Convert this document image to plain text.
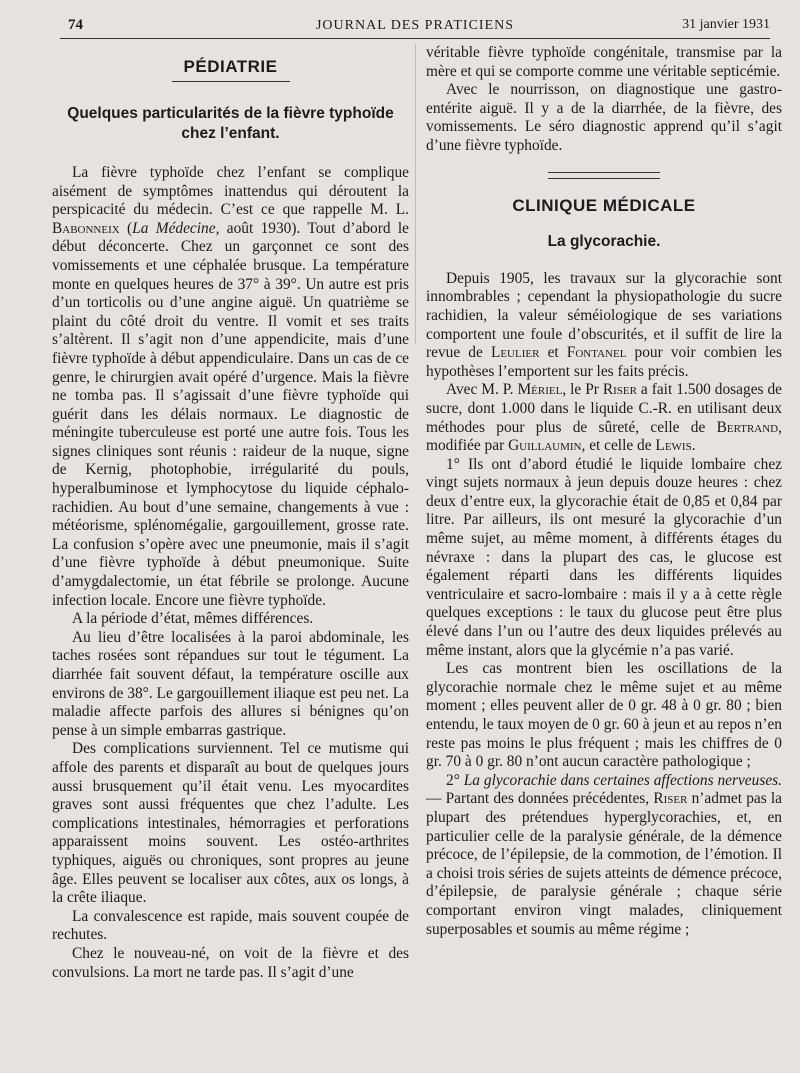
74	JOURNAL DES PRATICIENS	31 janvier 1931
PÉDIATRIE
Quelques particularités de la fièvre typhoïde chez l’enfant.

La fièvre typhoïde chez l’enfant se complique aisément de symptômes inattendus qui déroutent la perspicacité du médecin. C’est ce que rappelle M. L. Babonneix (La Médecine, août 1930). Tout d’abord le début déconcerte. Chez un garçonnet ce sont des vomissements et une céphalée brusque. La température monte en quelques heures de 37° à 39°. Un autre est pris d’un torticolis ou d’une angine aiguë. Un quatrième se plaint du côté droit du ventre. Il vomit et ses traits s’altèrent. Il s’agit non d’une appendicite, mais d’une fièvre typhoïde à début appendiculaire. Dans un cas de ce genre, le chirurgien avait opéré d’urgence. Mais la fièvre ne tomba pas. Il s’agissait d’une fièvre typhoïde qui guérit dans les délais normaux. Le diagnostic de méningite tuberculeuse est porté une autre fois. Tous les signes cliniques sont réunis : raideur de la nuque, signe de Kernig, photophobie, irrégularité du pouls, hyperalbuminose et lymphocytose du liquide céphalo-rachidien. Au bout d’une semaine, changements à vue : météorisme, splénomégalie, gargouillement, grosse rate. La confusion s’opère avec une pneumonie, mais il s’agit d’une fièvre typhoïde à début pneumonique. Suite d’amygdalectomie, un état fébrile se prolonge. Aucune infection locale. Encore une fièvre typhoïde.

A la période d’état, mêmes différences.

Au lieu d’être localisées à la paroi abdominale, les taches rosées sont répandues sur tout le tégument. La diarrhée fait souvent défaut, la température oscille aux environs de 38°. Le gargouillement iliaque est peu net. La maladie affecte parfois des allures si bénignes qu’on pense à un simple embarras gastrique.

Des complications surviennent. Tel ce mutisme qui affole des parents et disparaît au bout de quelques jours aussi brusquement qu’il était venu. Les myocardites graves sont aussi fréquentes que chez l’adulte. Les complications intestinales, hémorragies et perforations apparaissent moins souvent. Les ostéo-arthrites typhiques, aiguës ou chroniques, sont propres au jeune âge. Elles peuvent se localiser aux côtes, aux os longs, à la crête iliaque.

La convalescence est rapide, mais souvent coupée de rechutes.

Chez le nouveau-né, on voit de la fièvre et des convulsions. La mort ne tarde pas. Il s’agit d’une

véritable fièvre typhoïde congénitale, transmise par la mère et qui se comporte comme une véritable septicémie.

Avec le nourrisson, on diagnostique une gastro-entérite aiguë. Il y a de la diarrhée, de la fièvre, des vomissements. Le séro diagnostic apprend qu’il s’agit d’une fièvre typhoïde.

CLINIQUE MÉDICALE
La glycorachie.

Depuis 1905, les travaux sur la glycorachie sont innombrables ; cependant la physiopathologie du sucre rachidien, la valeur séméiologique de ses variations comportent une foule d’obscurités, et il suffit de lire la revue de Leulier et Fontanel pour voir combien les hypothèses l’emportent sur les faits précis.

Avec M. P. Mériel, le Pr Riser a fait 1.500 dosages de sucre, dont 1.000 dans le liquide C.-R. en utilisant deux méthodes pour plus de sûreté, celle de Bertrand, modifiée par Guillaumin, et celle de Lewis.

1° Ils ont d’abord étudié le liquide lombaire chez vingt sujets normaux à jeun depuis douze heures : chez deux d’entre eux, la glycorachie était de 0,85 et 0,84 par litre. Par ailleurs, ils ont mesuré la glycorachie d’un même sujet, au même moment, à différents étages du névraxe : dans la plupart des cas, le glucose est également réparti dans les différents liquides ventriculaire et sacro-lombaire : mais il y a à cette règle quelques exceptions : le taux du glucose peut être plus élevé dans l’un ou l’autre des deux liquides prélevés au même instant, alors que la glycémie n’a pas varié.

Les cas montrent bien les oscillations de la glycorachie normale chez le même sujet et au même moment ; elles peuvent aller de 0 gr. 48 à 0 gr. 80 ; bien entendu, le taux moyen de 0 gr. 60 à jeun et au repos n’en reste pas moins le plus fréquent ; mais les chiffres de 0 gr. 70 à 0 gr. 80 n’ont aucun caractère pathologique ;

2° La glycorachie dans certaines affections nerveuses. — Partant des données précédentes, Riser n’admet pas la plupart des prétendues hyperglycorachies, et, en particulier celle de la paralysie générale, de la démence précoce, de l’épilepsie, de la commotion, de l’émotion. Il a choisi trois séries de sujets atteints de démence précoce, d’épilepsie, de paralysie générale ; chaque série comportant environ vingt malades, cliniquement superposables et soumis au même régime ;
